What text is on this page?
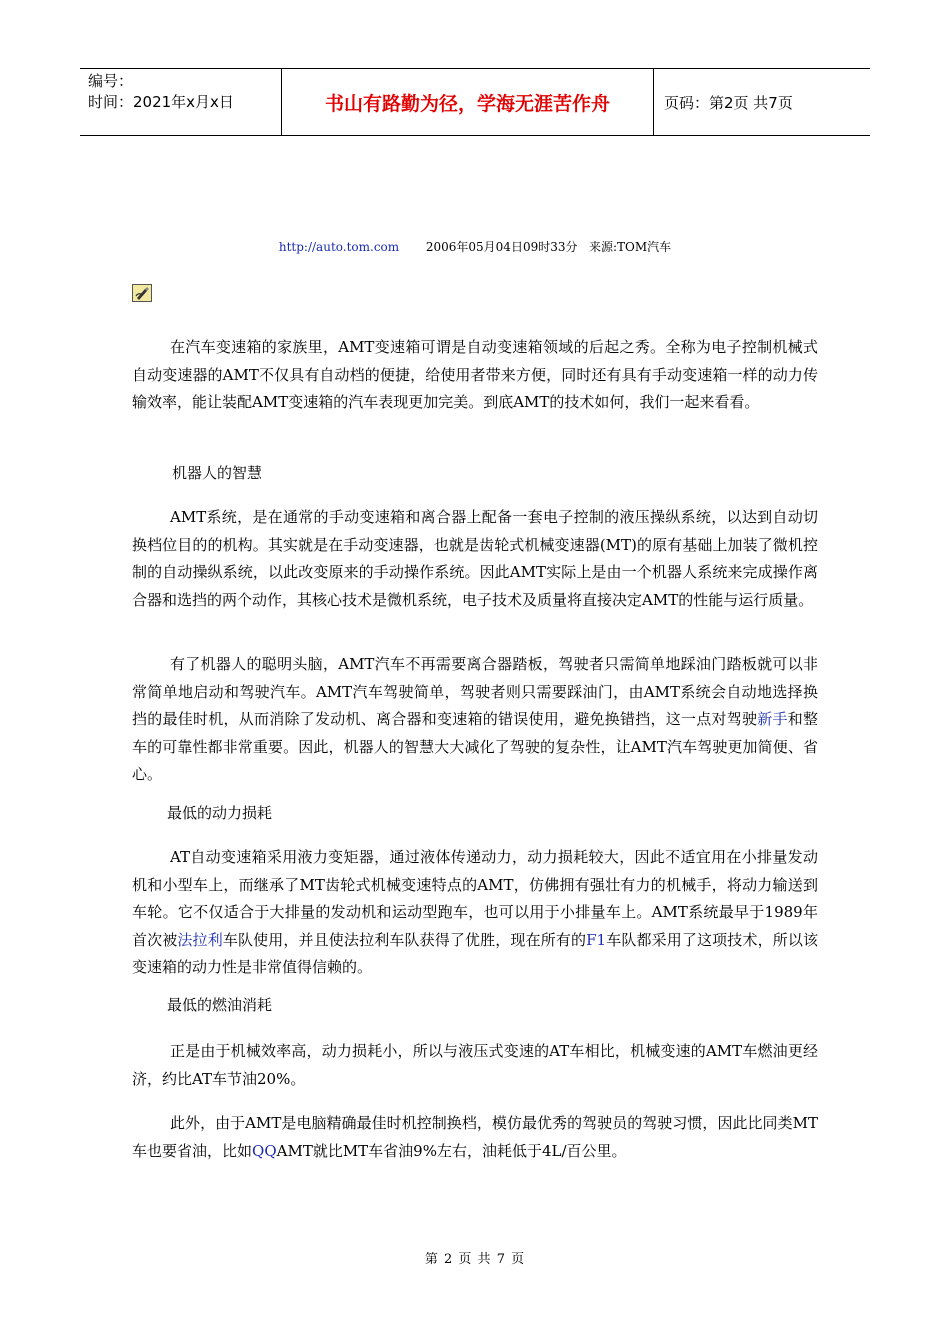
编号：
时间：2021年x月x日	书山有路勤为径，学海无涯苦作舟	页码：第2页 共7页
http://auto.tom.com 2006年05月04日09时33分 来源:TOM汽车

在汽车变速箱的家族里，AMT变速箱可谓是自动变速箱领域的后起之秀。全称为电子控制机械式自动变速器的AMT不仅具有自动档的便捷，给使用者带来方便，同时还有具有手动变速箱一样的动力传输效率，能让装配AMT变速箱的汽车表现更加完美。到底AMT的技术如何，我们一起来看看。

机器人的智慧

AMT系统，是在通常的手动变速箱和离合器上配备一套电子控制的液压操纵系统，以达到自动切换档位目的的机构。其实就是在手动变速器，也就是齿轮式机械变速器(MT)的原有基础上加装了微机控制的自动操纵系统，以此改变原来的手动操作系统。因此AMT实际上是由一个机器人系统来完成操作离合器和选挡的两个动作，其核心技术是微机系统，电子技术及质量将直接决定AMT的性能与运行质量。

有了机器人的聪明头脑，AMT汽车不再需要离合器踏板，驾驶者只需简单地踩油门踏板就可以非常简单地启动和驾驶汽车。AMT汽车驾驶简单，驾驶者则只需要踩油门，由AMT系统会自动地选择换挡的最佳时机，从而消除了发动机、离合器和变速箱的错误使用，避免换错挡，这一点对驾驶新手和整车的可靠性都非常重要。因此，机器人的智慧大大减化了驾驶的复杂性，让AMT汽车驾驶更加简便、省心。

最低的动力损耗

AT自动变速箱采用液力变矩器，通过液体传递动力，动力损耗较大，因此不适宜用在小排量发动机和小型车上，而继承了MT齿轮式机械变速特点的AMT，仿佛拥有强壮有力的机械手，将动力输送到车轮。它不仅适合于大排量的发动机和运动型跑车，也可以用于小排量车上。AMT系统最早于1989年首次被法拉利车队使用，并且使法拉利车队获得了优胜，现在所有的F1车队都采用了这项技术，所以该变速箱的动力性是非常值得信赖的。

最低的燃油消耗

正是由于机械效率高，动力损耗小，所以与液压式变速的AT车相比，机械变速的AMT车燃油更经济，约比AT车节油20%。

此外，由于AMT是电脑精确最佳时机控制换档，模仿最优秀的驾驶员的驾驶习惯，因此比同类MT车也要省油，比如QQAMT就比MT车省油9%左右，油耗低于4L/百公里。

第 2 页 共 7 页
